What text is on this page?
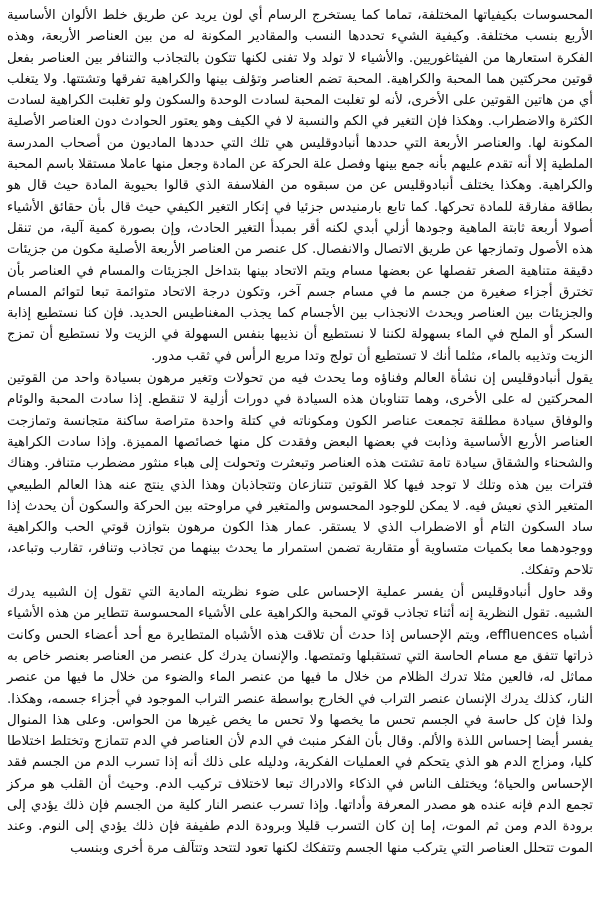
المحسوسات بكيفياتها المختلفة، تماما كما يستخرج الرسام أي لون يريد عن طريق خلط الألوان الأساسية الأربع بنسب مختلفة. وكيفية الشيء تحددها النسب والمقادير المكونة له من بين العناصر الأربعة، وهذه الفكرة استعارها من الفيثاغوريين. والأشياء لا تولد ولا تفنى لكنها تتكون بالتجاذب والتنافر بين العناصر بفعل قوتين محركتين هما المحبة والكراهية. المحبة تضم العناصر وتؤلف بينها والكراهية تفرقها وتشتتها. ولا يتغلب أي من هاتين القوتين على الأخرى، لأنه لو تغلبت المحبة لسادت الوحدة والسكون ولو تغلبت الكراهية لسادت الكثرة والاضطراب. وهكذا فإن التغير في الكم والنسبة لا في الكيف وهو يعتور الحوادث دون العناصر الأصلية المكونة لها. والعناصر الأربعة التي حددها أنبادوقليس هي تلك التي حددها الماديون من أصحاب المدرسة الملطية إلا أنه تقدم عليهم بأنه جمع بينها وفصل علة الحركة عن المادة وجعل منها عاملا مستقلا باسم المحبة والكراهية. وهكذا يختلف أنبادوقليس عن من سبقوه من الفلاسفة الذي قالوا بحيوية المادة حيث قال هو بطاقة مفارقة للمادة تحركها. كما تابع بارمنيدس جزئيا في إنكار التغير الكيفي حيث قال بأن حقائق الأشياء أصولا أربعة ثابتة الماهية وجودها أزلي أبدي لكنه أقر بمبدأ التغير الحادث، وإن بصورة كمية آلية، من تنقل هذه الأصول وتمازجها عن طريق الاتصال والانفصال. كل عنصر من العناصر الأربعة الأصلية مكون من جزيئات دقيقة متناهية الصغر تفصلها عن بعضها مسام ويتم الاتحاد بينها بتداخل الجزيئات والمسام في العناصر بأن تخترق أجزاء صغيرة من جسم ما في مسام جسم آخر، وتكون درجة الاتحاد متوائمة تبعا لتوائم المسام والجزيئات بين العناصر ويحدث الانجذاب بين الأجسام كما يجذب المغناطيس الحديد. فإن كنا نستطيع إذابة السكر أو الملح في الماء بسهولة لكننا لا نستطيع أن نذيبها بنفس السهولة في الزيت ولا نستطيع أن تمزج الزيت وتذيبه بالماء، مثلما أنك لا تستطيع أن تولج وتدا مربع الرأس في ثقب مدور.

يقول أنبادوقليس إن نشأة العالم وفناؤه وما يحدث فيه من تحولات وتغير مرهون بسيادة واحد من القوتين المحركتين له على الأخرى، وهما تتناوبان هذه السيادة في دورات أزلية لا تنقطع. إذا سادت المحبة والوئام والوفاق سيادة مطلقة تجمعت عناصر الكون ومكوناته في كتلة واحدة متراصة ساكنة متجانسة وتمازجت العناصر الأربع الأساسية وذابت في بعضها البعض وفقدت كل منها خصائصها المميزة. وإذا سادت الكراهية والشحناء والشقاق سيادة تامة تشتت هذه العناصر وتبعثرت وتحولت إلى هباء منثور مضطرب متنافر. وهناك فترات بين هذه وتلك لا توجد فيها كلا القوتين تتنازعان وتتجاذبان وهذا الذي ينتج عنه هذا العالم الطبيعي المتغير الذي نعيش فيه. لا يمكن للوجود المحسوس والمتغير في مراوحته بين الحركة والسكون أن يحدث إذا ساد السكون التام أو الاضطراب الذي لا يستقر. عمار هذا الكون مرهون بتوازن قوتي الحب والكراهية ووجودهما معا بكميات متساوية أو متقاربة تضمن استمرار ما يحدث بينهما من تجاذب وتنافر، تقارب وتباعد، تلاحم وتفكك.

وقد حاول أنبادوقليس أن يفسر عملية الإحساس على ضوء نظريته المادية التي تقول إن الشبيه يدرك الشبيه. تقول النظرية إنه أثناء تجاذب قوتي المحبة والكراهية على الأشياء المحسوسة تتطاير من هذه الأشياء أشباه effluences، ويتم الإحساس إذا حدث أن تلاقت هذه الأشباه المتطايرة مع أحد أعضاء الحس وكانت ذراتها تتفق مع مسام الحاسة التي تستقبلها وتمتصها. والإنسان يدرك كل عنصر من العناصر بعنصر خاص به مماثل له، فالعين مثلا تدرك الظلام من خلال ما فيها من عنصر الماء والضوء من خلال ما فيها من عنصر النار، كذلك يدرك الإنسان عنصر التراب في الخارج بواسطة عنصر التراب الموجود في أجزاء جسمه، وهكذا. ولذا فإن كل حاسة في الجسم تحس ما يخصها ولا تحس ما يخص غيرها من الحواس. وعلى هذا المنوال يفسر أيضا إحساس اللذة والألم. وقال بأن الفكر منبث في الدم لأن العناصر في الدم تتمازج وتختلط اختلاطا كليا، ومزاج الدم هو الذي يتحكم في العمليات الفكرية، ودليله على ذلك أنه إذا تسرب الدم من الجسم فقد الإحساس والحياة؛ ويختلف الناس في الذكاء والادراك تبعا لاختلاف تركيب الدم. وحيث أن القلب هو مركز تجمع الدم فإنه عنده هو مصدر المعرفة وأداتها. وإذا تسرب عنصر النار كلية من الجسم فإن ذلك يؤدي إلى برودة الدم ومن ثم الموت، إما إن كان التسرب قليلا وبرودة الدم طفيفة فإن ذلك يؤدي إلى النوم. وعند الموت تتحلل العناصر التي يتركب منها الجسم وتتفكك لكنها تعود لتتحد وتتآلف مرة أخرى وبنسب
